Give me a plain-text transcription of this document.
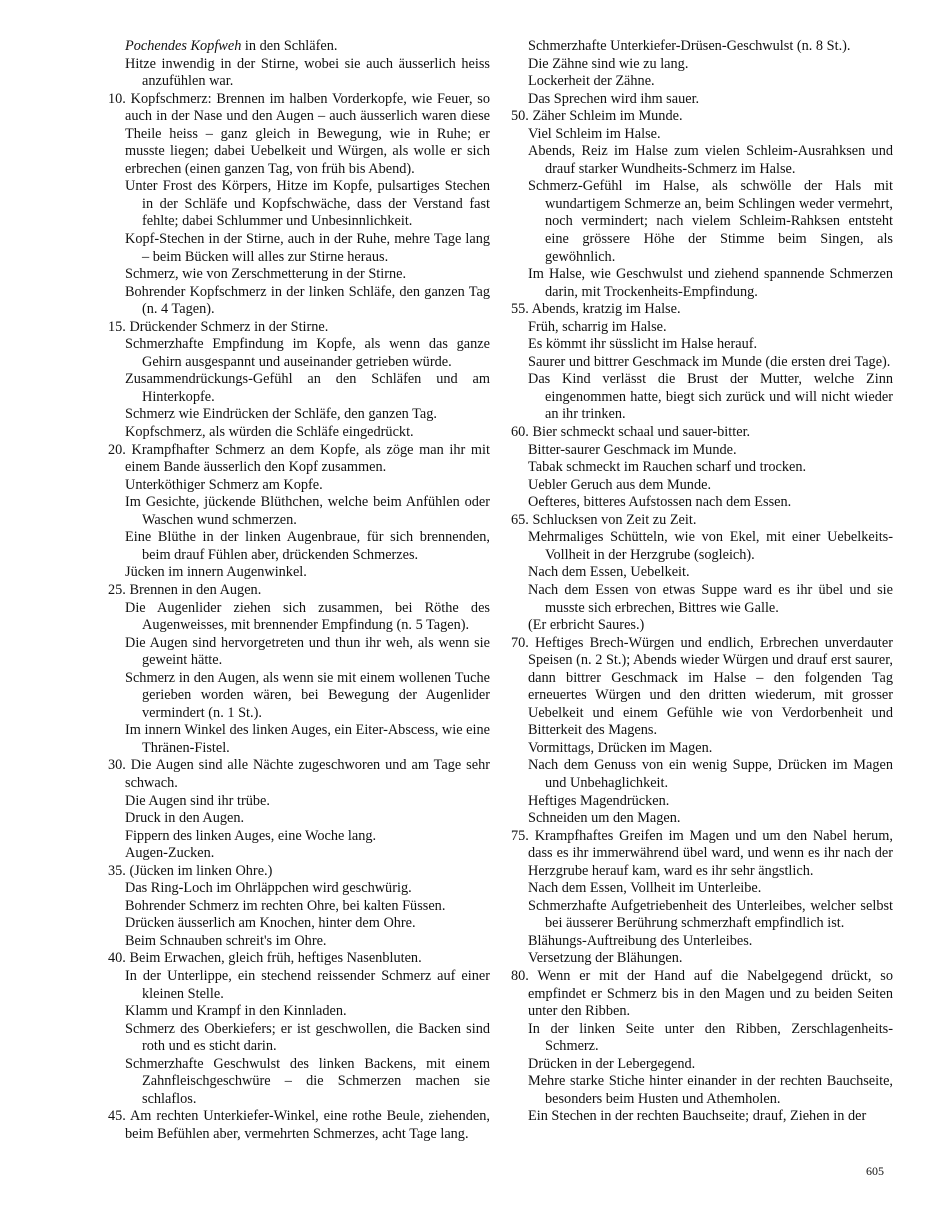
Pochendes Kopfweh in den Schläfen.

Hitze inwendig in der Stirne, wobei sie auch äusserlich heiss anzufühlen war.

10. Kopfschmerz: Brennen im halben Vorderkopfe, wie Feuer, so auch in der Nase und den Augen – auch äusserlich waren diese Theile heiss – ganz gleich in Bewegung, wie in Ruhe; er musste liegen; dabei Uebelkeit und Würgen, als wolle er sich erbrechen (einen ganzen Tag, von früh bis Abend).

Unter Frost des Körpers, Hitze im Kopfe, pulsartiges Stechen in der Schläfe und Kopfschwäche, dass der Verstand fast fehlte; dabei Schlummer und Unbesinnlichkeit.

Kopf-Stechen in der Stirne, auch in der Ruhe, mehre Tage lang – beim Bücken will alles zur Stirne heraus.

Schmerz, wie von Zerschmetterung in der Stirne.

Bohrender Kopfschmerz in der linken Schläfe, den ganzen Tag (n. 4 Tagen).

15. Drückender Schmerz in der Stirne.

Schmerzhafte Empfindung im Kopfe, als wenn das ganze Gehirn ausgespannt und auseinander getrieben würde.

Zusammendrückungs-Gefühl an den Schläfen und am Hinterkopfe.

Schmerz wie Eindrücken der Schläfe, den ganzen Tag.

Kopfschmerz, als würden die Schläfe eingedrückt.

20. Krampfhafter Schmerz an dem Kopfe, als zöge man ihr mit einem Bande äusserlich den Kopf zusammen.

Unterköthiger Schmerz am Kopfe.

Im Gesichte, jückende Blüthchen, welche beim Anfühlen oder Waschen wund schmerzen.

Eine Blüthe in der linken Augenbraue, für sich brennenden, beim drauf Fühlen aber, drückenden Schmerzes.

Jücken im innern Augenwinkel.

25. Brennen in den Augen.

Die Augenlider ziehen sich zusammen, bei Röthe des Augenweisses, mit brennender Empfindung (n. 5 Tagen).

Die Augen sind hervorgetreten und thun ihr weh, als wenn sie geweint hätte.

Schmerz in den Augen, als wenn sie mit einem wollenen Tuche gerieben worden wären, bei Bewegung der Augenlider vermindert (n. 1 St.).

Im innern Winkel des linken Auges, ein Eiter-Abscess, wie eine Thränen-Fistel.

30. Die Augen sind alle Nächte zugeschworen und am Tage sehr schwach.

Die Augen sind ihr trübe.

Druck in den Augen.

Fippern des linken Auges, eine Woche lang.

Augen-Zucken.

35. (Jücken im linken Ohre.)

Das Ring-Loch im Ohrläppchen wird geschwürig.

Bohrender Schmerz im rechten Ohre, bei kalten Füssen.

Drücken äusserlich am Knochen, hinter dem Ohre.

Beim Schnauben schreit's im Ohre.

40. Beim Erwachen, gleich früh, heftiges Nasenbluten.

In der Unterlippe, ein stechend reissender Schmerz auf einer kleinen Stelle.

Klamm und Krampf in den Kinnladen.

Schmerz des Oberkiefers; er ist geschwollen, die Backen sind roth und es sticht darin.

Schmerzhafte Geschwulst des linken Backens, mit einem Zahnfleischgeschwüre – die Schmerzen machen sie schlaflos.

45. Am rechten Unterkiefer-Winkel, eine rothe Beule, ziehenden, beim Befühlen aber, vermehrten Schmerzes, acht Tage lang.

Schmerzhafte Unterkiefer-Drüsen-Geschwulst (n. 8 St.).

Die Zähne sind wie zu lang.

Lockerheit der Zähne.

Das Sprechen wird ihm sauer.

50. Zäher Schleim im Munde.

Viel Schleim im Halse.

Abends, Reiz im Halse zum vielen Schleim-Ausrahksen und drauf starker Wundheits-Schmerz im Halse.

Schmerz-Gefühl im Halse, als schwölle der Hals mit wundartigem Schmerze an, beim Schlingen weder vermehrt, noch vermindert; nach vielem Schleim-Rahksen entsteht eine grössere Höhe der Stimme beim Singen, als gewöhnlich.

Im Halse, wie Geschwulst und ziehend spannende Schmerzen darin, mit Trockenheits-Empfindung.

55. Abends, kratzig im Halse.

Früh, scharrig im Halse.

Es kömmt ihr süsslicht im Halse herauf.

Saurer und bittrer Geschmack im Munde (die ersten drei Tage).

Das Kind verlässt die Brust der Mutter, welche Zinn eingenommen hatte, biegt sich zurück und will nicht wieder an ihr trinken.

60. Bier schmeckt schaal und sauer-bitter.

Bitter-saurer Geschmack im Munde.

Tabak schmeckt im Rauchen scharf und trocken.

Uebler Geruch aus dem Munde.

Oefteres, bitteres Aufstossen nach dem Essen.

65. Schlucksen von Zeit zu Zeit.

Mehrmaliges Schütteln, wie von Ekel, mit einer Uebelkeits-Vollheit in der Herzgrube (sogleich).

Nach dem Essen, Uebelkeit.

Nach dem Essen von etwas Suppe ward es ihr übel und sie musste sich erbrechen, Bittres wie Galle.

(Er erbricht Saures.)

70. Heftiges Brech-Würgen und endlich, Erbrechen unverdauter Speisen (n. 2 St.); Abends wieder Würgen und drauf erst saurer, dann bittrer Geschmack im Halse – den folgenden Tag erneuertes Würgen und den dritten wiederum, mit grosser Uebelkeit und einem Gefühle wie von Verdorbenheit und Bitterkeit des Magens.

Vormittags, Drücken im Magen.

Nach dem Genuss von ein wenig Suppe, Drücken im Magen und Unbehaglichkeit.

Heftiges Magendrücken.

Schneiden um den Magen.

75. Krampfhaftes Greifen im Magen und um den Nabel herum, dass es ihr immerwährend übel ward, und wenn es ihr nach der Herzgrube herauf kam, ward es ihr sehr ängstlich.

Nach dem Essen, Vollheit im Unterleibe.

Schmerzhafte Aufgetriebenheit des Unterleibes, welcher selbst bei äusserer Berührung schmerzhaft empfindlich ist.

Blähungs-Auftreibung des Unterleibes.

Versetzung der Blähungen.

80. Wenn er mit der Hand auf die Nabelgegend drückt, so empfindet er Schmerz bis in den Magen und zu beiden Seiten unter den Ribben.

In der linken Seite unter den Ribben, Zerschlagenheits-Schmerz.

Drücken in der Lebergegend.

Mehre starke Stiche hinter einander in der rechten Bauchseite, besonders beim Husten und Athemholen.

Ein Stechen in der rechten Bauchseite; drauf, Ziehen in der

605
